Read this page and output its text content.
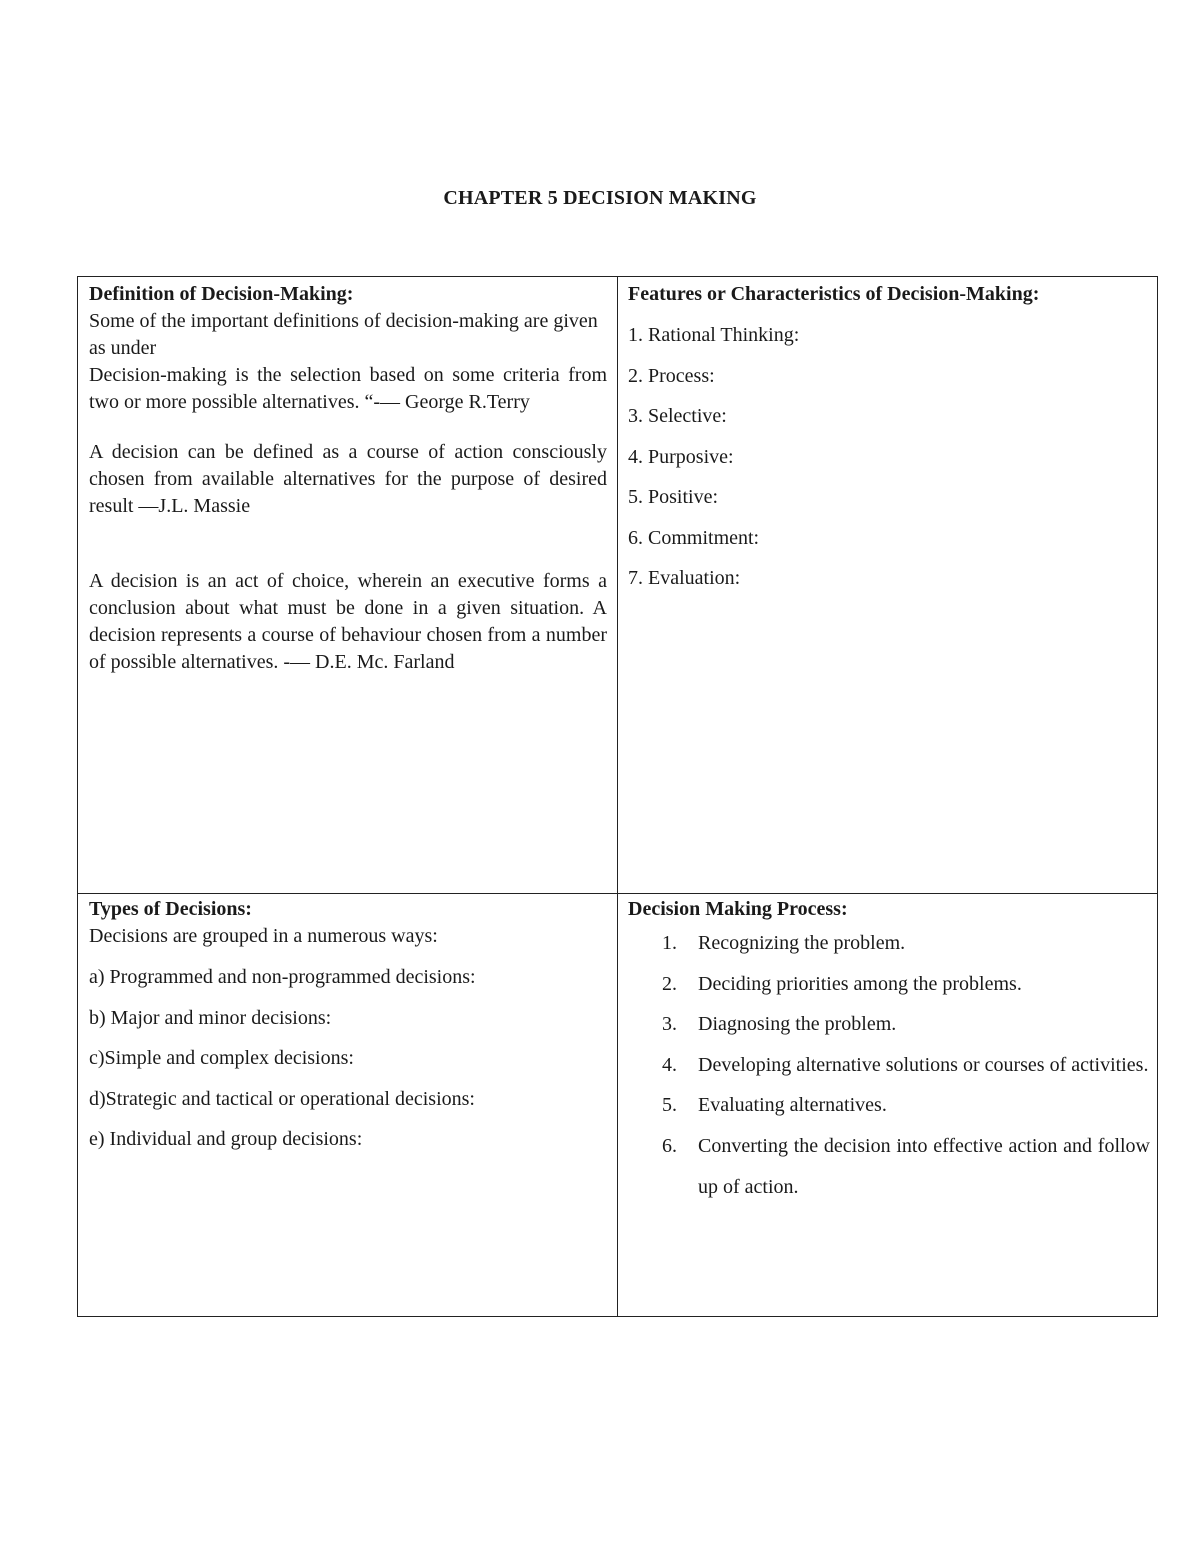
CHAPTER 5 DECISION MAKING
Definition of Decision-Making:
Some of the important definitions of decision-making are given as under
Decision-making is the selection based on some criteria from two or more possible alternatives. “-— George R.Terry
A decision can be defined as a course of action consciously chosen from available alternatives for the purpose of desired result —J.L. Massie
A decision is an act of choice, wherein an executive forms a conclusion about what must be done in a given situation. A decision represents a course of behaviour chosen from a number of possible alternatives. -— D.E. Mc. Farland
Features or Characteristics of Decision-Making:
1. Rational Thinking:
2. Process:
3. Selective:
4. Purposive:
5. Positive:
6. Commitment:
7. Evaluation:
Types of Decisions:
Decisions are grouped in a numerous ways:
a) Programmed and non-programmed decisions:
b) Major and minor decisions:
c)Simple and complex decisions:
d)Strategic and tactical or operational decisions:
e) Individual and group decisions:
Decision Making Process:
1.	Recognizing the problem.
2.	Deciding priorities among the problems.
3.	Diagnosing the problem.
4.	Developing alternative solutions or courses of activities.
5.	Evaluating alternatives.
6.	Converting the decision into effective action and follow up of action.
